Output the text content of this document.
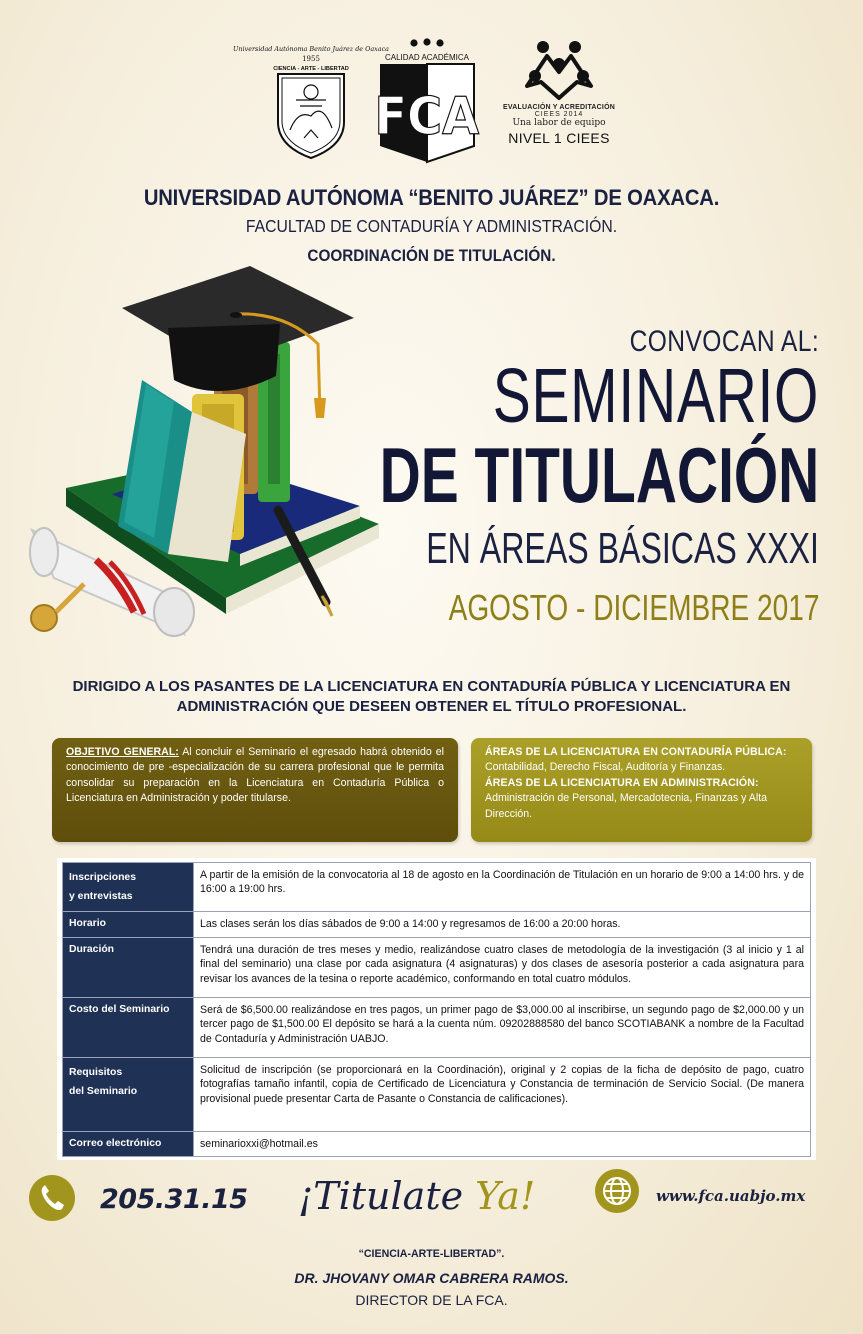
Universidad Autónoma Benito Juárez de Oaxaca
1955
CIENCIA - ARTE - LIBERTAD
CALIDAD ACADÉMICA
FCA	EVALUACIÓN Y ACREDITACIÓN
CIEES 2014
Una labor de equipo
NIVEL 1 CIEES
UNIVERSIDAD AUTÓNOMA “BENITO JUÁREZ” DE OAXACA.
FACULTAD DE CONTADURÍA Y ADMINISTRACIÓN.
COORDINACIÓN DE TITULACIÓN.
CONVOCAN AL:
SEMINARIO
DE TITULACIÓN
EN ÁREAS BÁSICAS XXXI
AGOSTO - DICIEMBRE 2017
DIRIGIDO A LOS PASANTES DE LA LICENCIATURA EN CONTADURÍA PÚBLICA Y LICENCIATURA EN ADMINISTRACIÓN QUE DESEEN OBTENER EL TÍTULO PROFESIONAL.
OBJETIVO GENERAL: Al concluir el Seminario el egresado habrá obtenido el conocimiento de pre -especialización de su carrera profesional que le permita consolidar su preparación en la Licenciatura en Contaduría Pública o Licenciatura en Administración y poder titularse.
ÁREAS DE LA LICENCIATURA EN CONTADURÍA PÚBLICA:
Contabilidad, Derecho Fiscal, Auditoría y Finanzas.
ÁREAS DE LA LICENCIATURA EN ADMINISTRACIÓN:
Administración de Personal, Mercadotecnia, Finanzas y Alta Dirección.
Inscripciones
y entrevistas	A partir de la emisión de la convocatoria al 18 de agosto en la Coordinación de Titulación en un horario de 9:00 a 14:00 hrs. y de 16:00 a 19:00 hrs.
Horario	Las clases serán los días sábados de 9:00 a 14:00 y regresamos de 16:00 a 20:00 horas.
Duración	Tendrá una duración de tres meses y medio, realizándose cuatro clases de metodología de la investigación (3 al inicio y 1 al final del seminario) una clase por cada asignatura (4 asignaturas) y dos clases de asesoría posterior a cada asignatura para revisar los avances de la tesina o reporte académico, conformando en total cuatro módulos.
Costo del Seminario	Será de $6,500.00 realizándose en tres pagos, un primer pago de $3,000.00 al inscribirse, un segundo pago de $2,000.00 y un tercer pago de $1,500.00 El depósito se hará a la cuenta núm. 09202888580 del banco SCOTIABANK a nombre de la Facultad de Contaduría y Administración UABJO.

Requisitos
del Seminario	Solicitud de inscripción (se proporcionará en la Coordinación), original y 2 copias de la ficha de depósito de pago, cuatro fotografías tamaño infantil, copia de Certificado de Licenciatura y Constancia de terminación de Servicio Social. (De manera provisional puede presentar Carta de Pasante o Constancia de calificaciones).
Correo electrónico	seminarioxxi@hotmail.es
205.31.15 ¡Titulate Ya!	www.fca.uabjo.mx
“CIENCIA-ARTE-LIBERTAD”.
DR. JHOVANY OMAR CABRERA RAMOS.
DIRECTOR DE LA FCA.
